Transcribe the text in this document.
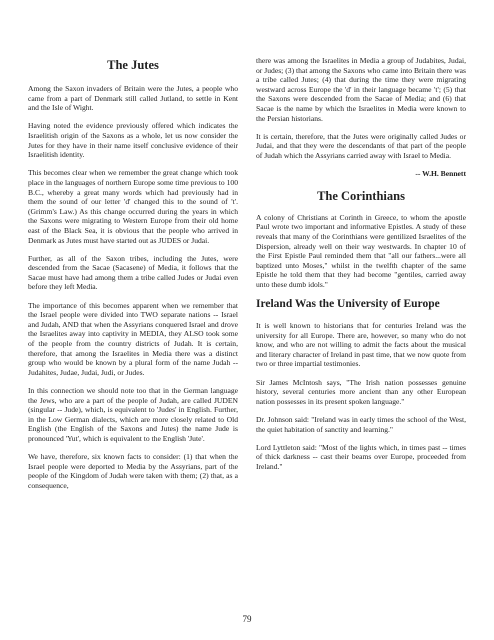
The Jutes

Among the Saxon invaders of Britain were the Jutes, a people who came from a part of Denmark still called Jutland, to settle in Kent and the Isle of Wight.

Having noted the evidence previously offered which indicates the Israelitish origin of the Saxons as a whole, let us now consider the Jutes for they have in their name itself conclusive evidence of their Israelitish identity.

This becomes clear when we remember the great change which took place in the languages of northern Europe some time previous to 100 B.C., whereby a great many words which had previously had in them the sound of our letter 'd' changed this to the sound of 't'. (Grimm's Law.) As this change occurred during the years in which the Saxons were migrating to Western Europe from their old home east of the Black Sea, it is obvious that the people who arrived in Denmark as Jutes must have started out as JUDES or Judai.

Further, as all of the Saxon tribes, including the Jutes, were descended from the Sacae (Sacasene) of Media, it follows that the Sacae must have had among them a tribe called Judes or Judai even before they left Media.

The importance of this becomes apparent when we remember that the Israel people were divided into TWO separate nations -- Israel and Judah, AND that when the Assyrians conquered Israel and drove the Israelites away into captivity in MEDIA, they ALSO took some of the people from the country districts of Judah. It is certain, therefore, that among the Israelites in Media there was a distinct group who would be known by a plural form of the name Judah -- Judahites, Judae, Judai, Judi, or Judes.

In this connection we should note too that in the German language the Jews, who are a part of the people of Judah, are called JUDEN (singular -- Jude), which, is equivalent to 'Judes' in English. Further, in the Low German dialects, which are more closely related to Old English (the English of the Saxons and Jutes) the name Jude is pronounced 'Yut', which is equivalent to the English 'Jute'.

We have, therefore, six known facts to consider: (1) that when the Israel people were deported to Media by the Assyrians, part of the people of the Kingdom of Judah were taken with them; (2) that, as a consequence,

there was among the Israelites in Media a group of Judabites, Judai, or Judes; (3) that among the Saxons who came into Britain there was a tribe called Jutes; (4) that during the time they were migrating westward across Europe the 'd' in their language became 't'; (5) that the Saxons were descended from the Sacae of Media; and (6) that Sacae is the name by which the Israelites in Media were known to the Persian historians.

It is certain, therefore, that the Jutes were originally called Judes or Judai, and that they were the descendants of that part of the people of Judah which the Assyrians carried away with Israel to Media.

-- W.H. Bennett
The Corinthians

A colony of Christians at Corinth in Greece, to whom the apostle Paul wrote two important and informative Epistles. A study of these reveals that many of the Corinthians were gentilized Israelites of the Dispersion, already well on their way westwards. In chapter 10 of the First Epistle Paul reminded them that "all our fathers...were all baptized unto Moses," whilst in the twelfth chapter of the same Epistle he told them that they had become "gentiles, carried away unto these dumb idols."

Ireland Was the University of Europe

It is well known to historians that for centuries Ireland was the university for all Europe. There are, however, so many who do not know, and who are not willing to admit the facts about the musical and literary character of Ireland in past time, that we now quote from two or three impartial testimonies.

Sir James McIntosh says, "The Irish nation possesses genuine history, several centuries more ancient than any other European nation possesses in its present spoken language."

Dr. Johnson said: "Ireland was in early times the school of the West, the quiet habitation of sanctity and learning."

Lord Lyttleton said: "Most of the lights which, in times past -- times of thick darkness -- cast their beams over Europe, proceeded from Ireland."

79
